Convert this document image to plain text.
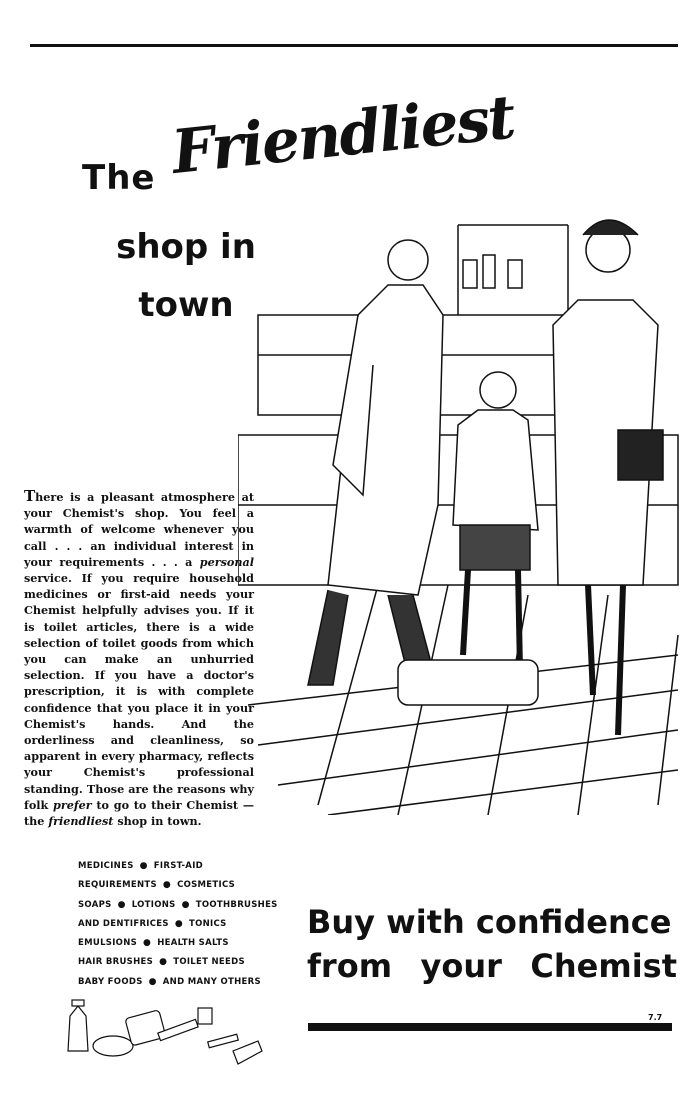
The Friendliest
shop in
town
There is a pleasant atmosphere at your Chemist's shop. You feel a warmth of welcome whenever you call . . . an individual interest in your requirements . . . a personal service. If you require household medicines or first-aid needs your Chemist helpfully advises you. If it is toilet articles, there is a wide selection of toilet goods from which you can make an unhurried selection. If you have a doctor's prescription, it is with complete confidence that you place it in your Chemist's hands. And the orderliness and cleanliness, so apparent in every pharmacy, reflects your Chemist's professional standing. Those are the reasons why folk prefer to go to their Chemist — the friendliest shop in town.
MEDICINES ● FIRST-AID
REQUIREMENTS ● COSMETICS
SOAPS ● LOTIONS ● TOOTHBRUSHES
AND DENTIFRICES ● TONICS
EMULSIONS ● HEALTH SALTS
HAIR BRUSHES ● TOILET NEEDS
BABY FOODS ● AND MANY OTHERS
Buy with confidence
from your Chemist
7.7
